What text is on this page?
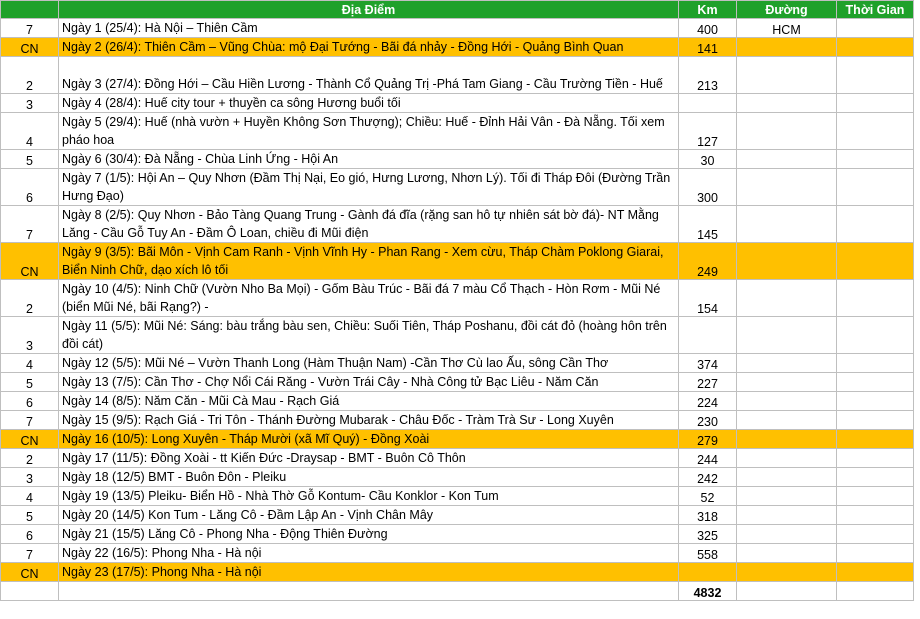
	Địa Điểm	Km	Đường	Thời Gian
7	Ngày 1 (25/4): Hà Nội – Thiên Cầm	400	HCM	
CN	Ngày 2 (26/4): Thiên Cầm – Vũng Chùa: mộ Đại Tướng - Bãi đá nhảy - Đồng Hới - Quảng Bình Quan	141		
2	Ngày 3 (27/4): Đồng Hới – Cầu Hiền Lương - Thành Cổ Quảng Trị -Phá Tam Giang - Cầu Trường Tiền - Huế	213		
3	Ngày 4 (28/4): Huế city tour + thuyền ca sông Hương buổi tối			
4	Ngày 5 (29/4): Huế (nhà vườn + Huyền Không Sơn Thượng); Chiều: Huế - Đỉnh Hải Vân - Đà Nẵng. Tối xem pháo hoa	127		
5	Ngày 6 (30/4): Đà Nẵng - Chùa Linh Ứng - Hội An	30		
6	Ngày 7 (1/5): Hội An – Quy Nhơn (Đầm Thị Nại, Eo gió, Hưng Lương, Nhơn Lý). Tối đi Tháp Đôi (Đường Trần Hưng Đạo)	300		
7	Ngày 8 (2/5): Quy Nhơn - Bảo Tàng Quang Trung - Gành đá đĩa (rặng san hô tự nhiên sát bờ đá)- NT Mằng Lăng - Cầu Gỗ Tuy An - Đầm Ô Loan, chiều đi Mũi điện	145		
CN	Ngày 9 (3/5): Bãi Môn - Vịnh Cam Ranh - Vịnh Vĩnh Hy - Phan Rang - Xem cừu, Tháp Chàm Poklong Giarai, Biển Ninh Chữ, dạo xích lô tối	249		
2	Ngày 10 (4/5): Ninh Chữ (Vườn Nho Ba Mọi) - Gốm Bàu Trúc - Bãi đá 7 màu Cổ Thạch - Hòn Rơm - Mũi Né (biển Mũi Né, bãi Rạng?) -	154		
3	Ngày 11 (5/5): Mũi Né: Sáng: bàu trắng bàu sen, Chiều: Suối Tiên, Tháp Poshanu, đồi cát đỏ (hoàng hôn trên đồi cát)			
4	Ngày 12 (5/5): Mũi Né – Vườn Thanh Long (Hàm Thuận Nam) -Cần Thơ Cù lao Ấu, sông Cần Thơ	374		
5	Ngày 13 (7/5): Cần Thơ - Chợ Nổi Cái Răng - Vườn Trái Cây - Nhà Công tử Bạc Liêu - Năm Căn	227		
6	Ngày 14 (8/5): Năm Căn - Mũi Cà Mau - Rạch Giá	224		
7	Ngày 15 (9/5): Rạch Giá - Tri Tôn - Thánh Đường Mubarak - Châu Đốc - Tràm Trà Sư - Long Xuyên	230		
CN	Ngày 16 (10/5): Long Xuyên - Tháp Mười (xã Mĩ Quý) - Đồng Xoài	279		
2	Ngày 17 (11/5): Đồng Xoài - tt Kiến Đức -Draysap - BMT - Buôn Cô Thôn	244		
3	Ngày 18 (12/5) BMT - Buôn Đôn - Pleiku	242		
4	Ngày 19 (13/5) Pleiku- Biển Hồ - Nhà Thờ Gỗ Kontum- Cầu Konklor - Kon Tum	52		
5	Ngày 20 (14/5) Kon Tum - Lăng Cô - Đầm Lập An - Vịnh Chân Mây	318		
6	Ngày 21 (15/5) Lăng Cô - Phong Nha - Động Thiên Đường	325		
7	Ngày 22 (16/5): Phong Nha - Hà nội	558		
CN	Ngày 23 (17/5): Phong Nha - Hà nội			
		4832		
